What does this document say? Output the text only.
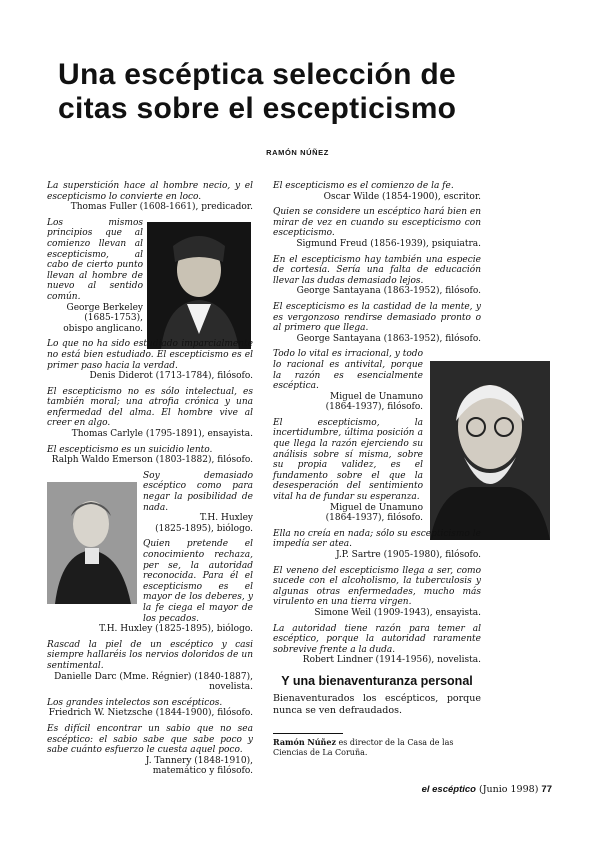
Una escéptica selección de citas sobre el escepticismo
RAMÓN NÚÑEZ
La superstición hace al hombre necio, y el escepticismo lo convierte en loco.
Thomas Fuller (1608-1661), predicador.
Los mismos principios que al comienzo llevan al escepticismo, al cabo de cierto punto llevan al hombre de nuevo al sentido común.
George Berkeley
(1685-1753),
obispo anglicano.
Lo que no ha sido estudiado imparcialmente no está bien estudiado. El escepticismo es el primer paso hacia la verdad.
Denis Diderot (1713-1784), filósofo.
El escepticismo no es sólo intelectual, es también moral; una atrofia crónica y una enfermedad del alma. El hombre vive al creer en algo.
Thomas Carlyle (1795-1891), ensayista.
El escepticismo es un suicidio lento.
Ralph Waldo Emerson (1803-1882), filósofo.
Soy demasiado escéptico como para negar la posibilidad de nada.
T.H. Huxley
(1825-1895), biólogo.
Quien pretende el conocimiento rechaza, per se, la autoridad reconocida. Para él el escepticismo es el mayor de los deberes, y la fe ciega el mayor de los pecados.
T.H. Huxley (1825-1895), biólogo.
Rascad la piel de un escéptico y casi siempre hallaréis los nervios doloridos de un sentimental.
Danielle Darc (Mme. Régnier) (1840-1887),
novelista.
Los grandes intelectos son escépticos.
Friedrich W. Nietzsche (1844-1900), filósofo.
Es difícil encontrar un sabio que no sea escéptico: el sabio sabe que sabe poco y sabe cuánto esfuerzo le cuesta aquel poco.
J. Tannery (1848-1910),
matemático y filósofo.
El escepticismo es el comienzo de la fe.
Oscar Wilde (1854-1900), escritor.
Quien se considere un escéptico hará bien en mirar de vez en cuando su escepticismo con escepticismo.
Sigmund Freud (1856-1939), psiquiatra.
En el escepticismo hay también una especie de cortesía. Sería una falta de educación llevar las dudas demasiado lejos.
George Santayana (1863-1952), filósofo.
El escepticismo es la castidad de la mente, y es vergonzoso rendirse demasiado pronto o al primero que llega.
George Santayana (1863-1952), filósofo.
Todo lo vital es irracional, y todo lo racional es antivital, porque la razón es esencialmente escéptica.
Miguel de Unamuno
(1864-1937), filósofo.
El escepticismo, la incertidumbre, última posición a que llega la razón ejerciendo su análisis sobre sí misma, sobre su propia validez, es el fundamento sobre el que la desesperación del sentimiento vital ha de fundar su esperanza.
Miguel de Unamuno
(1864-1937), filósofo.
Ella no creía en nada; sólo su escepticismo le impedía ser atea.
J.P. Sartre (1905-1980), filósofo.
El veneno del escepticismo llega a ser, como sucede con el alcoholismo, la tuberculosis y algunas otras enfermedades, mucho más virulento en una tierra virgen.
Simone Weil (1909-1943), ensayista.
La autoridad tiene razón para temer al escéptico, porque la autoridad raramente sobrevive frente a la duda.
Robert Lindner (1914-1956), novelista.
Y una bienaventuranza personal
Bienaventurados los escépticos, porque nunca se ven defraudados.
Ramón Núñez es director de la Casa de las Ciencias de La Coruña.
el escéptico (Junio 1998) 77
